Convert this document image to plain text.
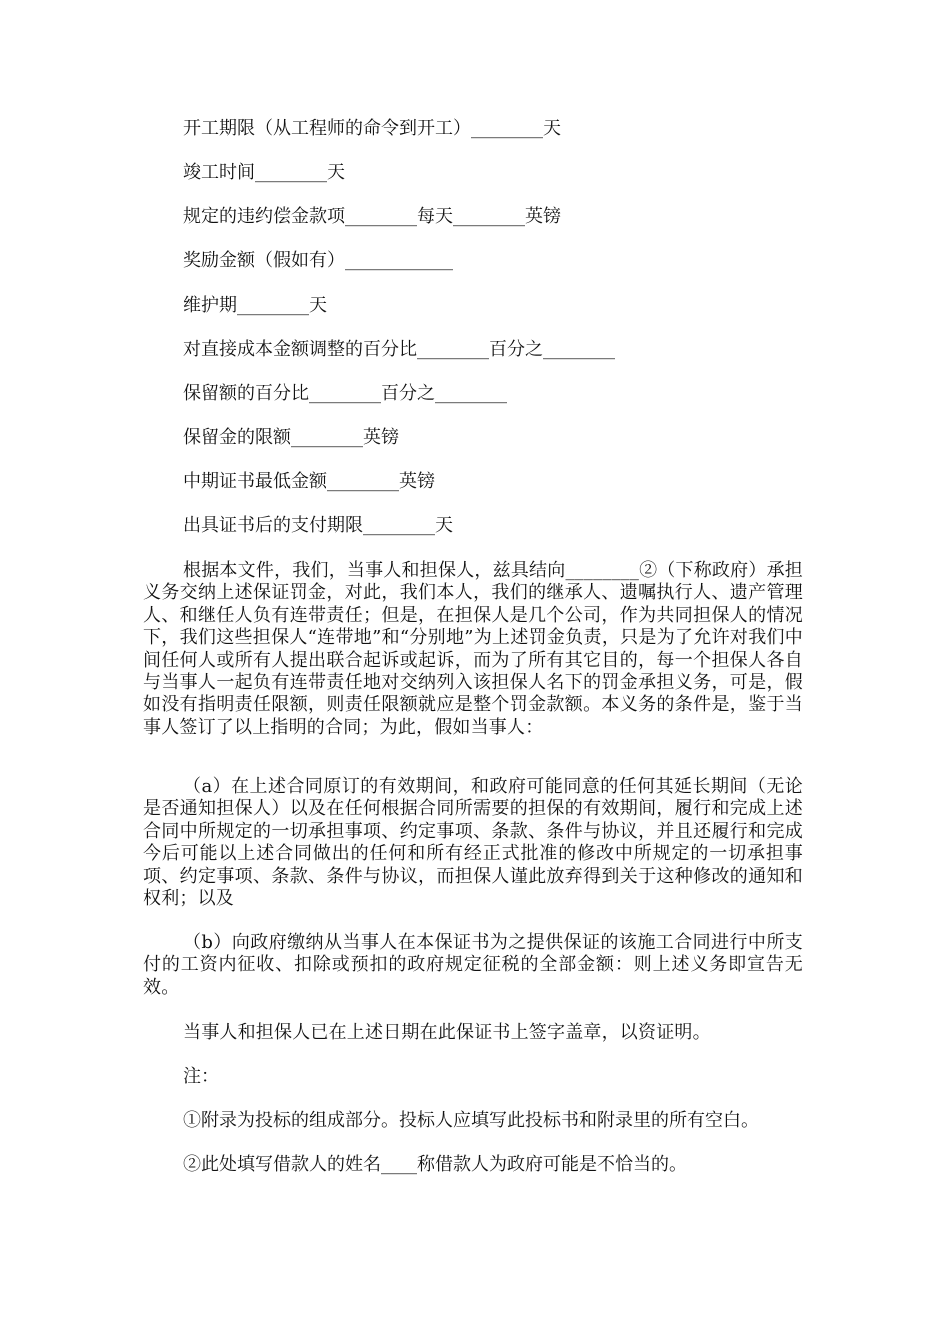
开工期限（从工程师的命令到开工）________天
竣工时间________天
规定的违约偿金款项________每天________英镑
奖励金额（假如有）____________
维护期________天
对直接成本金额调整的百分比________百分之________
保留额的百分比________百分之________
保留金的限额________英镑
中期证书最低金额________英镑
出具证书后的支付期限________天
根据本文件，我们，当事人和担保人，兹具结向________②（下称政府）承担义务交纳上述保证罚金，对此，我们本人，我们的继承人、遗嘱执行人、遗产管理人、和继任人负有连带责任；但是，在担保人是几个公司，作为共同担保人的情况下，我们这些担保人“连带地”和“分别地”为上述罚金负责，只是为了允许对我们中间任何人或所有人提出联合起诉或起诉，而为了所有其它目的，每一个担保人各自与当事人一起负有连带责任地对交纳列入该担保人名下的罚金承担义务，可是，假如没有指明责任限额，则责任限额就应是整个罚金款额。本义务的条件是，鉴于当事人签订了以上指明的合同；为此，假如当事人：
（a）在上述合同原订的有效期间，和政府可能同意的任何其延长期间（无论是否通知担保人）以及在任何根据合同所需要的担保的有效期间，履行和完成上述合同中所规定的一切承担事项、约定事项、条款、条件与协议，并且还履行和完成今后可能以上述合同做出的任何和所有经正式批准的修改中所规定的一切承担事项、约定事项、条款、条件与协议，而担保人谨此放弃得到关于这种修改的通知和权利；以及
（b）向政府缴纳从当事人在本保证书为之提供保证的该施工合同进行中所支付的工资内征收、扣除或预扣的政府规定征税的全部金额：则上述义务即宣告无效。
当事人和担保人已在上述日期在此保证书上签字盖章，以资证明。
注：
①附录为投标的组成部分。投标人应填写此投标书和附录里的所有空白。
②此处填写借款人的姓名____称借款人为政府可能是不恰当的。
